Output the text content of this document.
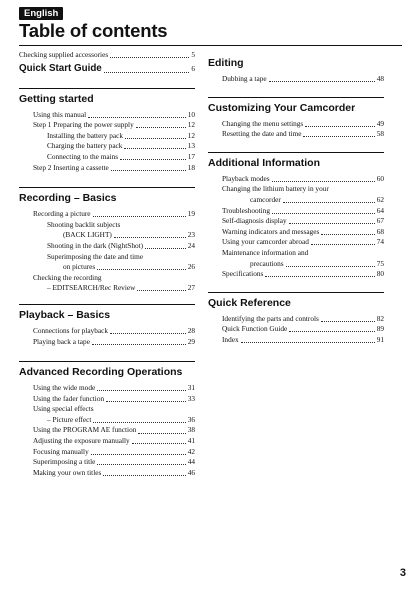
English
Table of contents
Checking supplied accessories	5
Quick Start Guide	6
Getting started
Using this manual	10
Step 1 Preparing the power supply	12
Installing the battery pack	12
Charging the battery pack	13
Connecting to the mains	17
Step 2 Inserting a cassette	18
Recording – Basics
Recording a picture	19
Shooting backlit subjects
(BACK LIGHT)	23
Shooting in the dark (NightShot)	24
Superimposing the date and time
on pictures	26
Checking the recording
– EDITSEARCH/Rec Review	27
Playback – Basics
Connections for playback	28
Playing back a tape	29
Advanced Recording Operations
Using the wide mode	31
Using the fader function	33
Using special effects
– Picture effect	36
Using the PROGRAM AE function	38
Adjusting the exposure manually	41
Focusing manually	42
Superimposing a title	44
Making your own titles	46
Editing
Dubbing a tape	48
Customizing Your Camcorder
Changing the menu settings	49
Resetting the date and time	58
Additional Information
Playback modes	60
Changing the lithium battery in your
camcorder	62
Troubleshooting	64
Self-diagnosis display	67
Warning indicators and messages	68
Using your camcorder abroad	74
Maintenance information and
precautions	75
Specifications	80
Quick Reference
Identifying the parts and controls	82
Quick Function Guide	89
Index	91
3
